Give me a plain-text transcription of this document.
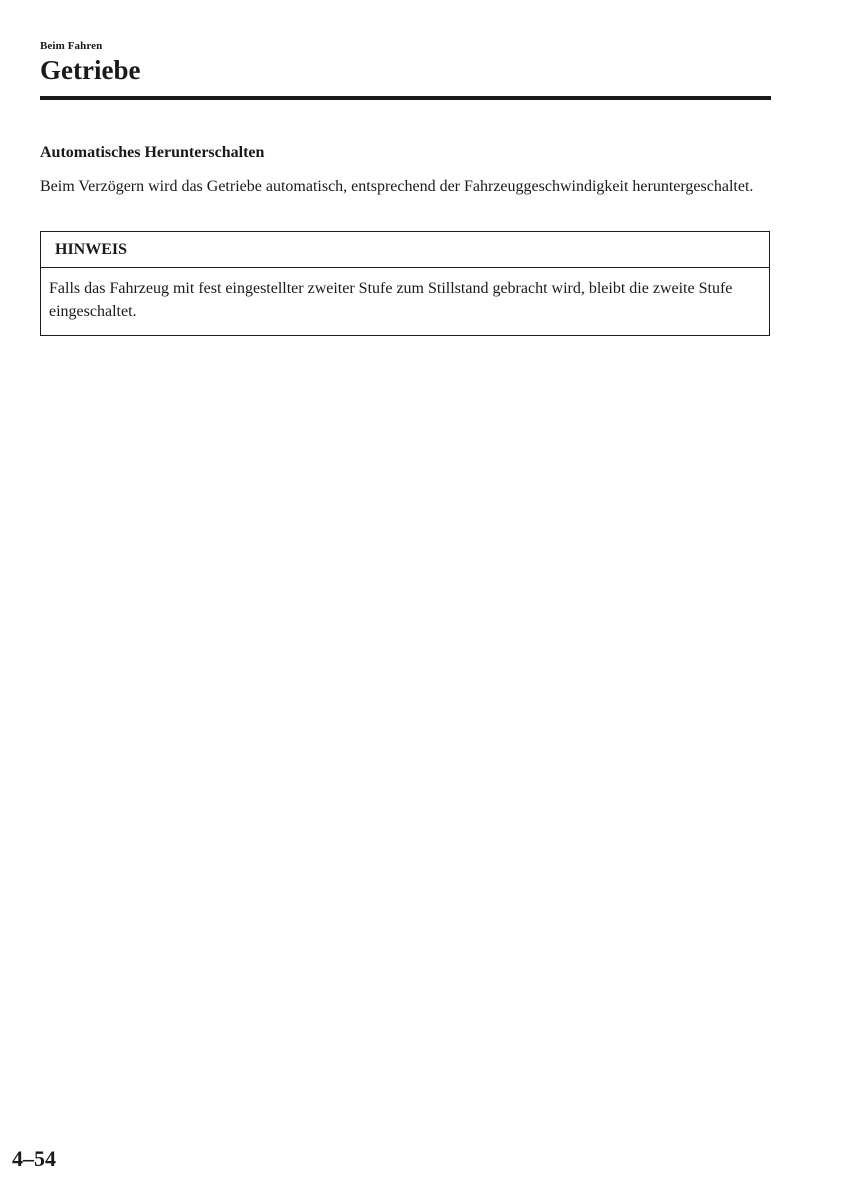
Beim Fahren
Getriebe
Automatisches Herunterschalten

Beim Verzögern wird das Getriebe automatisch, entsprechend der Fahrzeuggeschwindigkeit heruntergeschaltet.

HINWEIS
Falls das Fahrzeug mit fest eingestellter zweiter Stufe zum Stillstand gebracht wird, bleibt die zweite Stufe eingeschaltet.
4–54
